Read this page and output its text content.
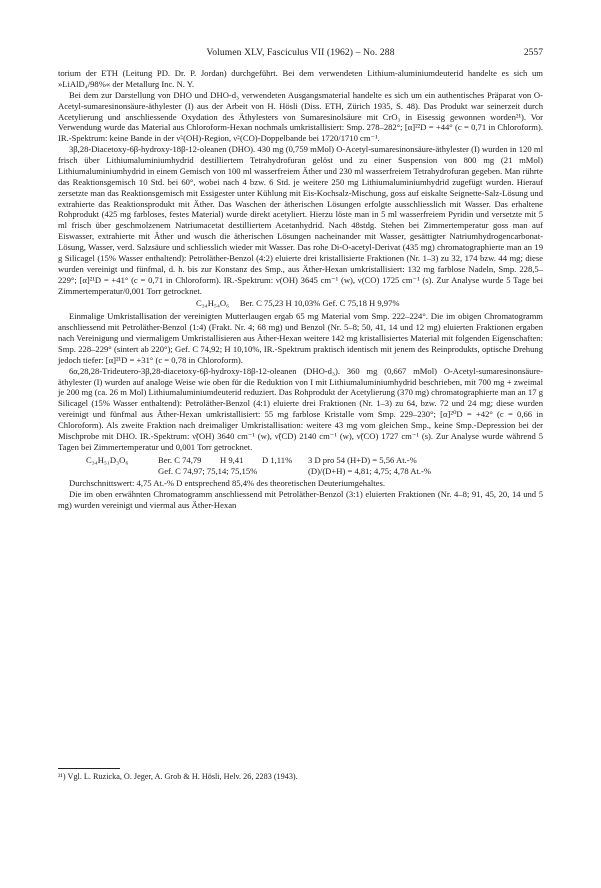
Volumen XLV, Fasciculus VII (1962) – No. 288	2557

torium der ETH (Leitung PD. Dr. P. Jordan) durchgeführt. Bei dem verwendeten Lithium-aluminiumdeuterid handelte es sich um »LiAlD₄/98%« der Metallurg Inc. N. Y.

Bei dem zur Darstellung von DHO und DHO-d₃ verwendeten Ausgangsmaterial handelte es sich um ein authentisches Präparat von O-Acetyl-sumaresinonsäure-äthylester (I) aus der Arbeit von H. Hösli (Diss. ETH, Zürich 1935, S. 48). Das Produkt war seinerzeit durch Acetylierung und anschliessende Oxydation des Äthylesters von Sumaresinolsäure mit CrO₃ in Eisessig gewonnen worden²¹). Vor Verwendung wurde das Material aus Chloroform-Hexan nochmals umkristallisiert: Smp. 278–282°; [α]²²D = +44° (c = 0,71 in Chloroform). IR.-Spektrum: keine Bande in der ν̃-(OH)-Region, ν̃-(CO)-Doppelbande bei 1720/1710 cm⁻¹.

3β,28-Diacetoxy-6β-hydroxy-18β-12-oleanen (DHO). 430 mg (0,759 mMol) O-Acetyl-sumaresinonsäure-äthylester (I) wurden in 120 ml frisch über Lithiumaluminiumhydrid destilliertem Tetrahydrofuran gelöst und zu einer Suspension von 800 mg (21 mMol) Lithiumaluminiumhydrid in einem Gemisch von 100 ml wasserfreiem Äther und 230 ml wasserfreiem Tetrahydrofuran gegeben. Man rührte das Reaktionsgemisch 10 Std. bei 60°, wobei nach 4 bzw. 6 Std. je weitere 250 mg Lithiumaluminiumhydrid zugefügt wurden. Hierauf zersetzte man das Reaktionsgemisch mit Essigester unter Kühlung mit Eis-Kochsalz-Mischung, goss auf eiskalte Seignette-Salz-Lösung und extrahierte das Reaktionsprodukt mit Äther. Das Waschen der ätherischen Lösungen erfolgte ausschliesslich mit Wasser. Das erhaltene Rohprodukt (425 mg farbloses, festes Material) wurde direkt acetyliert. Hierzu löste man in 5 ml wasserfreiem Pyridin und versetzte mit 5 ml frisch über geschmolzenem Natriumacetat destilliertem Acetanhydrid. Nach 48stdg. Stehen bei Zimmertemperatur goss man auf Eiswasser, extrahierte mit Äther und wusch die ätherischen Lösungen nacheinander mit Wasser, gesättigter Natriumhydrogencarbonat-Lösung, Wasser, verd. Salzsäure und schliesslich wieder mit Wasser. Das rohe Di-O-acetyl-Derivat (435 mg) chromatographierte man an 19 g Silicagel (15% Wasser enthaltend): Petroläther-Benzol (4:2) eluierte drei kristallisierte Fraktionen (Nr. 1–3) zu 32, 174 bzw. 44 mg; diese wurden vereinigt und fünfmal, d. h. bis zur Konstanz des Smp., aus Äther-Hexan umkristallisiert: 132 mg farblose Nadeln, Smp. 228,5–229°; [α]²¹D = +41° (c = 0,71 in Chloroform). IR.-Spektrum: ν(OH) 3645 cm⁻¹ (w), ν(CO) 1725 cm⁻¹ (s). Zur Analyse wurde 5 Tage bei Zimmertemperatur/0,001 Torr getrocknet.

C₃₄H₅₄O₆ Ber. C 75,23 H 10,03% Gef. C 75,18 H 9,97%

Einmalige Umkristallisation der vereinigten Mutterlaugen ergab 65 mg Material vom Smp. 222–224°. Die im obigen Chromatogramm anschliessend mit Petroläther-Benzol (1:4) (Frakt. Nr. 4; 68 mg) und Benzol (Nr. 5–8; 50, 41, 14 und 12 mg) eluierten Fraktionen ergaben nach Vereinigung und viermaligem Umkristallisieren aus Äther-Hexan weitere 142 mg kristallisiertes Material mit folgenden Eigenschaften: Smp. 228–229° (sintert ab 220°); Gef. C 74,92; H 10,10%, IR.-Spektrum praktisch identisch mit jenem des Reinprodukts, optische Drehung jedoch tiefer: [α]²¹D = +31° (c = 0,78 in Chloroform).

6α,28,28-Trideutero-3β,28-diacetoxy-6β-hydroxy-18β-12-oleanen (DHO-d₃). 360 mg (0,667 mMol) O-Acetyl-sumaresinonsäure-äthylester (I) wurden auf analoge Weise wie oben für die Reduktion von I mit Lithiumaluminiumhydrid beschrieben, mit 700 mg + zweimal je 200 mg (ca. 26 m Mol) Lithiumaluminiumdeuterid reduziert. Das Rohprodukt der Acetylierung (370 mg) chromatographierte man an 17 g Silicagel (15% Wasser enthaltend): Petroläther-Benzol (4:1) eluierte drei Fraktionen (Nr. 1–3) zu 64, bzw. 72 und 24 mg; diese wurden vereinigt und fünfmal aus Äther-Hexan umkristallisiert: 55 mg farblose Kristalle vom Smp. 229–230°; [α]²⁰D = +42° (c = 0,66 in Chloroform). Als zweite Fraktion nach dreimaliger Umkristallisation: weitere 43 mg vom gleichen Smp., keine Smp.-Depression bei der Mischprobe mit DHO. IR.-Spektrum: ν̃(OH) 3640 cm⁻¹ (w), ν̃(CD) 2140 cm⁻¹ (w), ν̃(CO) 1727 cm⁻¹ (s). Zur Analyse wurde während 5 Tagen bei Zimmertemperatur und 0,001 Torr getrocknet.

C₃₄H₅₁D₃O₆	Ber. C 74,79	H 9,41	D 1,11%	3 D pro 54 (H+D) = 5,56 At.-%
Gef. C 74,97; 75,14; 75,15%	(D)/(D+H) = 4,81; 4,75; 4,78 At.-%

Durchschnittswert: 4,75 At.-% D entsprechend 85,4% des theoretischen Deuteriumgehaltes.

Die im oben erwähnten Chromatogramm anschliessend mit Petroläther-Benzol (3:1) eluierten Fraktionen (Nr. 4–8; 91, 45, 20, 14 und 5 mg) wurden vereinigt und viermal aus Äther-Hexan

²¹) Vgl. L. Ruzicka, O. Jeger, A. Grob & H. Hösli, Helv. 26, 2283 (1943).
